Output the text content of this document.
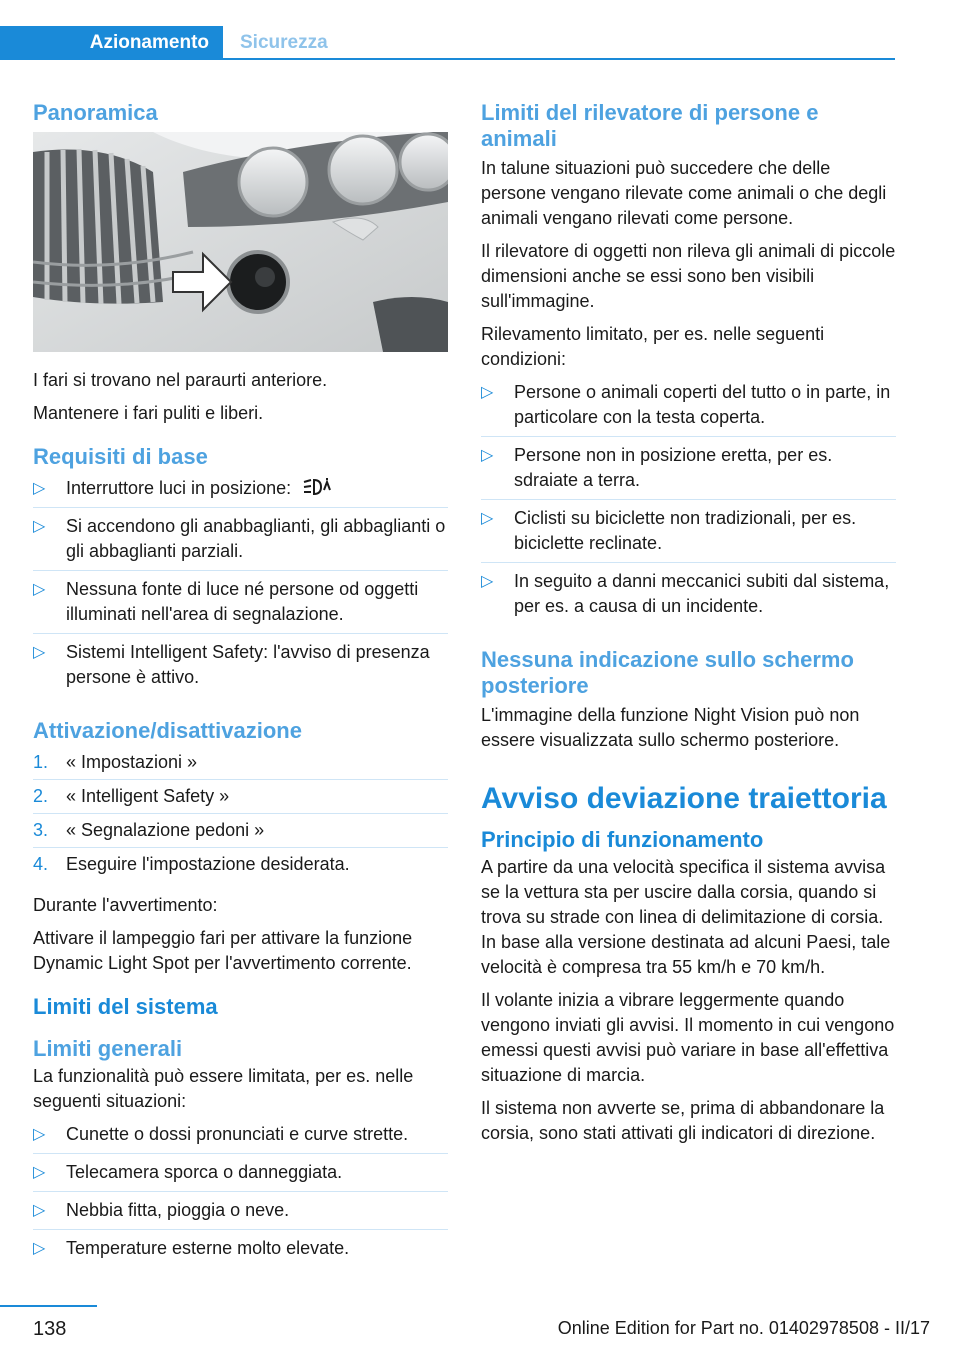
Azionamento	Sicurezza
Panoramica

I fari si trovano nel paraurti anteriore.

Mantenere i fari puliti e liberi.

Requisiti di base
▷ Interruttore luci in posizione:
▷ Si accendono gli anabbaglianti, gli abbaglianti o gli abbaglianti parziali.
▷ Nessuna fonte di luce né persone od oggetti illuminati nell'area di segnalazione.
▷ Sistemi Intelligent Safety: l'avviso di presenza persone è attivo.
Attivazione/disattivazione
1. « Impostazioni »
2. « Intelligent Safety »
3. « Segnalazione pedoni »
4. Eseguire l'impostazione desiderata.

Durante l'avvertimento:

Attivare il lampeggio fari per attivare la funzione Dynamic Light Spot per l'avvertimento corrente.

Limiti del sistema
Limiti generali

La funzionalità può essere limitata, per es. nelle seguenti situazioni:

▷ Cunette o dossi pronunciati e curve strette.
▷ Telecamera sporca o danneggiata.
▷ Nebbia fitta, pioggia o neve.
▷ Temperature esterne molto elevate.
Limiti del rilevatore di persone e animali

In talune situazioni può succedere che delle persone vengano rilevate come animali o che degli animali vengano rilevati come persone.

Il rilevatore di oggetti non rileva gli animali di piccole dimensioni anche se essi sono ben visibili sull'immagine.

Rilevamento limitato, per es. nelle seguenti condizioni:

▷ Persone o animali coperti del tutto o in parte, in particolare con la testa coperta.
▷ Persone non in posizione eretta, per es. sdraiate a terra.
▷ Ciclisti su biciclette non tradizionali, per es. biciclette reclinate.
▷ In seguito a danni meccanici subiti dal sistema, per es. a causa di un incidente.
Nessuna indicazione sullo schermo posteriore

L'immagine della funzione Night Vision può non essere visualizzata sullo schermo posteriore.

Avviso deviazione traiettoria
Principio di funzionamento

A partire da una velocità specifica il sistema avvisa se la vettura sta per uscire dalla corsia, quando si trova su strade con linea di delimitazione di corsia. In base alla versione destinata ad alcuni Paesi, tale velocità è compresa tra 55 km/h e 70 km/h.

Il volante inizia a vibrare leggermente quando vengono inviati gli avvisi. Il momento in cui vengono emessi questi avvisi può variare in base all'effettiva situazione di marcia.

Il sistema non avverte se, prima di abbandonare la corsia, sono stati attivati gli indicatori di direzione.

138	Online Edition for Part no. 01402978508 - II/17
